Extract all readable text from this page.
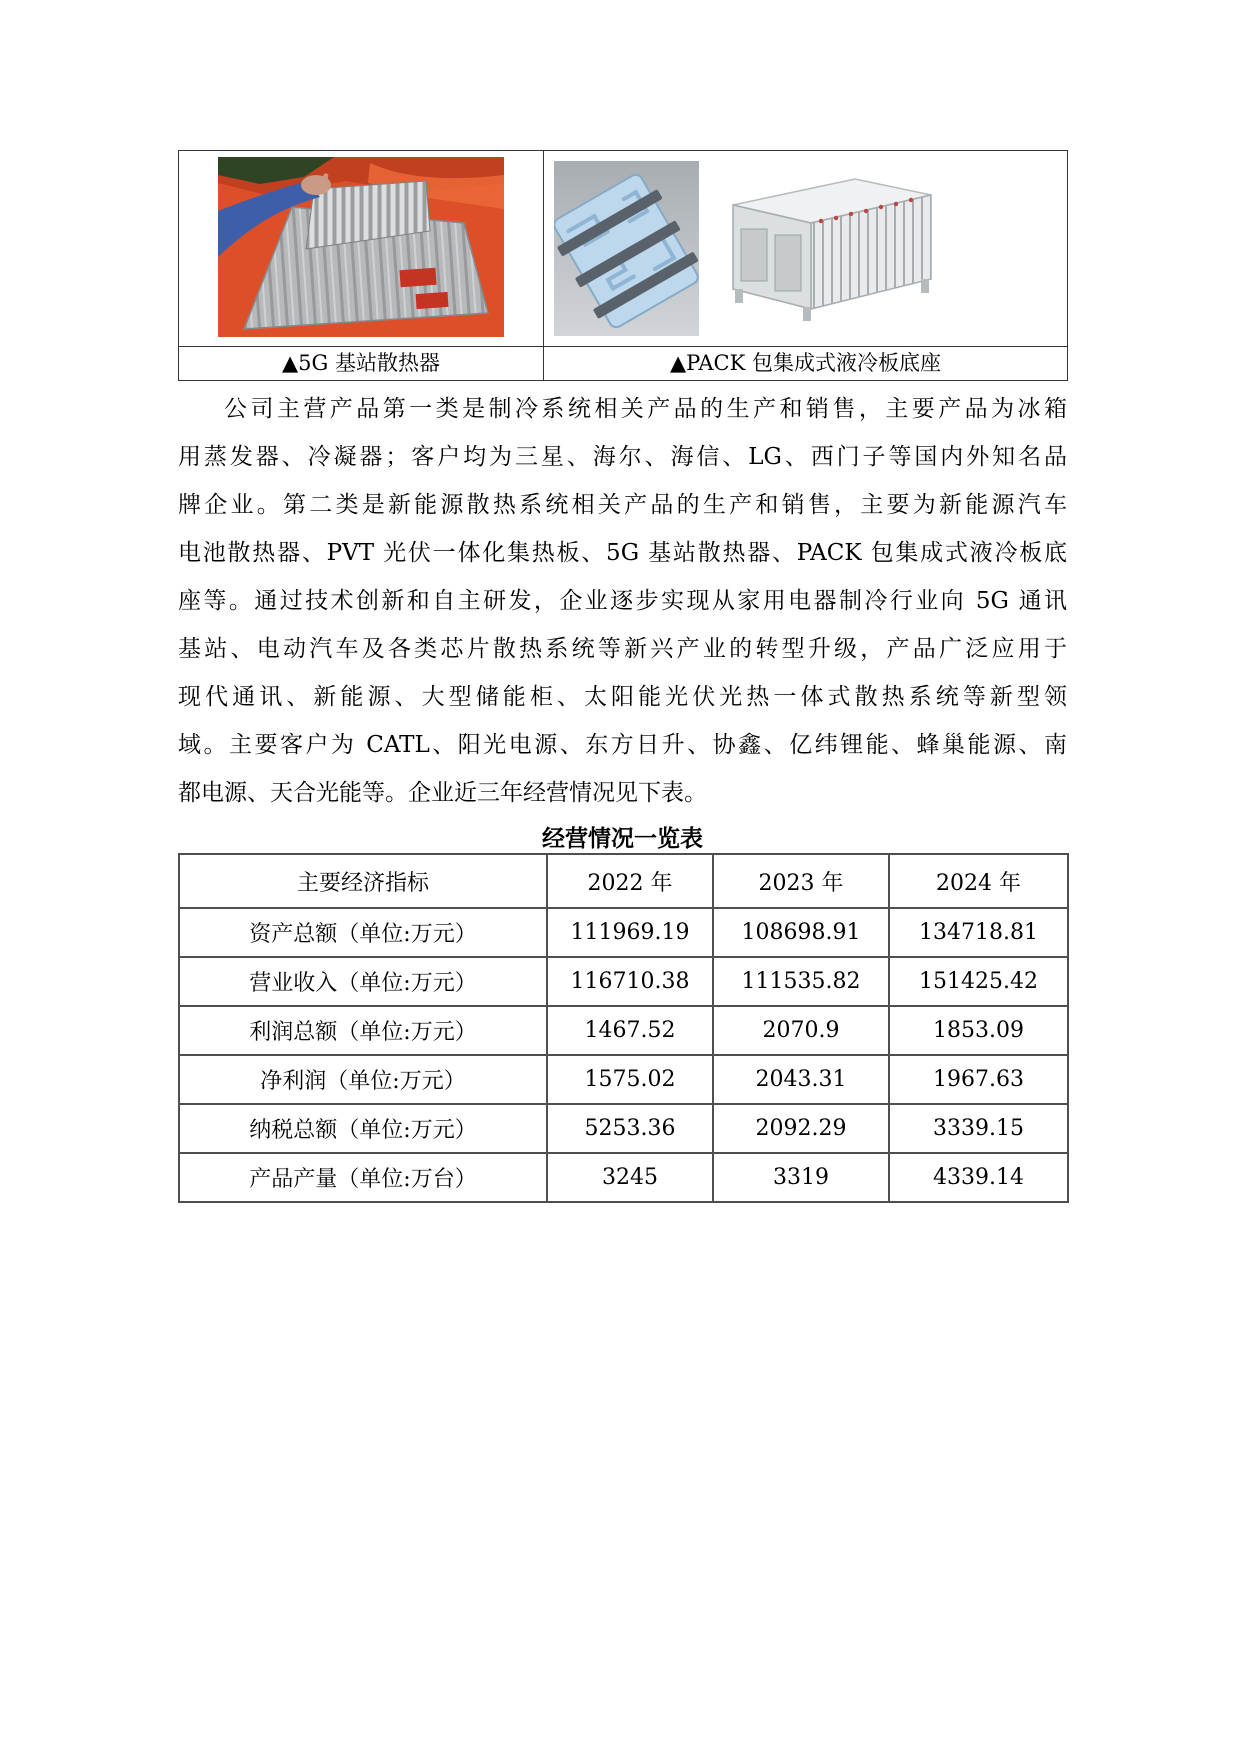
▲5G 基站散热器	▲PACK 包集成式液冷板底座
公司主营产品第一类是制冷系统相关产品的生产和销售，主要产品为冰箱
用蒸发器、冷凝器；客户均为三星、海尔、海信、LG、西门子等国内外知名品
牌企业。第二类是新能源散热系统相关产品的生产和销售，主要为新能源汽车
电池散热器、PVT 光伏一体化集热板、5G 基站散热器、PACK 包集成式液冷板底
座等。通过技术创新和自主研发，企业逐步实现从家用电器制冷行业向 5G 通讯
基站、电动汽车及各类芯片散热系统等新兴产业的转型升级，产品广泛应用于
现代通讯、新能源、大型储能柜、太阳能光伏光热一体式散热系统等新型领
域。主要客户为 CATL、阳光电源、东方日升、协鑫、亿纬锂能、蜂巢能源、南
都电源、天合光能等。企业近三年经营情况见下表。
经营情况一览表
主要经济指标	2022 年	2023 年	2024 年
资产总额（单位:万元）	111969.19	108698.91	134718.81
营业收入（单位:万元）	116710.38	111535.82	151425.42
利润总额（单位:万元）	1467.52	2070.9	1853.09
净利润（单位:万元）	1575.02	2043.31	1967.63
纳税总额（单位:万元）	5253.36	2092.29	3339.15
产品产量（单位:万台）	3245	3319	4339.14
